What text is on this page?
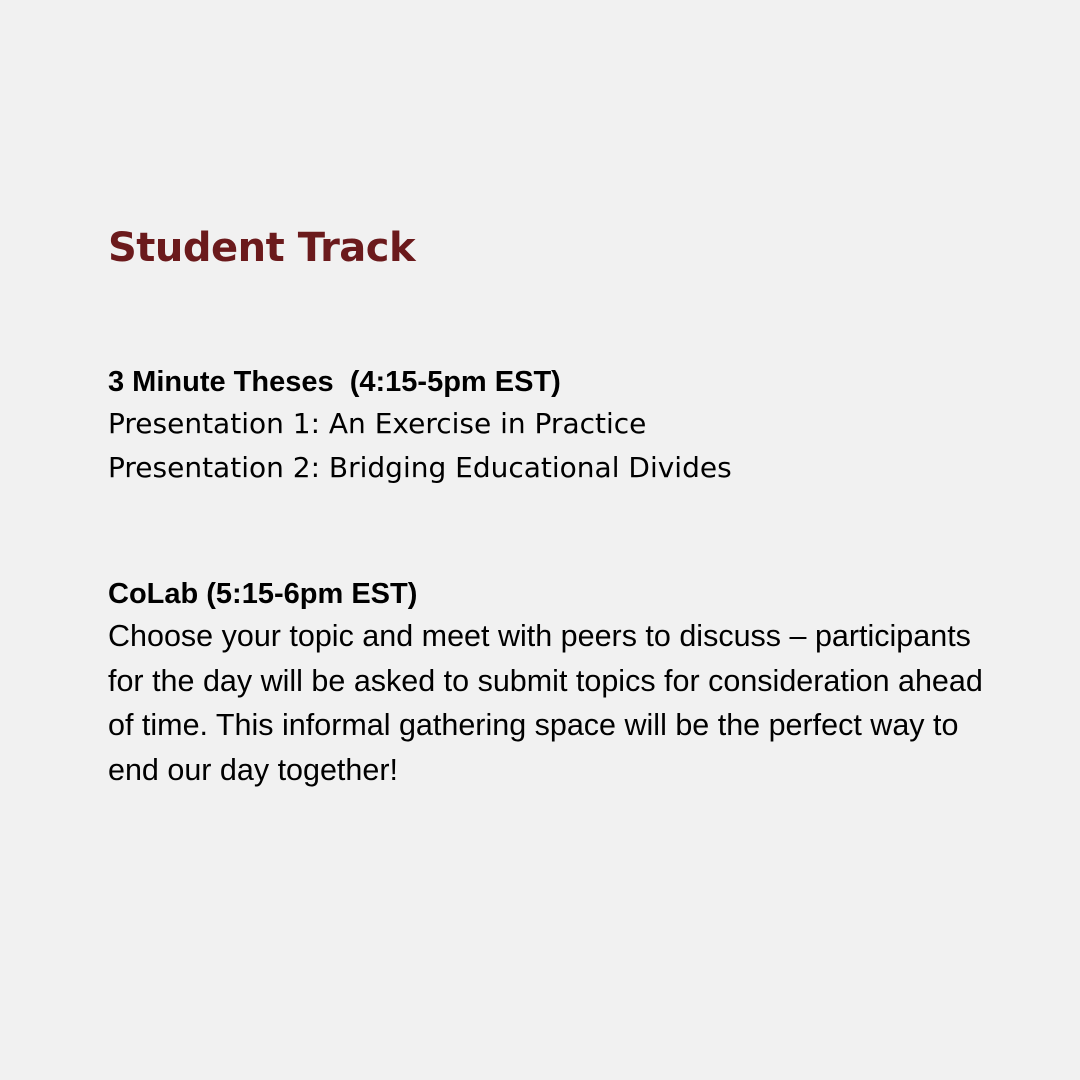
Student Track
3 Minute Theses  (4:15-5pm EST)

Presentation 1: An Exercise in Practice

Presentation 2: Bridging Educational Divides

CoLab (5:15-6pm EST)

Choose your topic and meet with peers to discuss – participants for the day will be asked to submit topics for consideration ahead of time. This informal gathering space will be the perfect way to end our day together!
